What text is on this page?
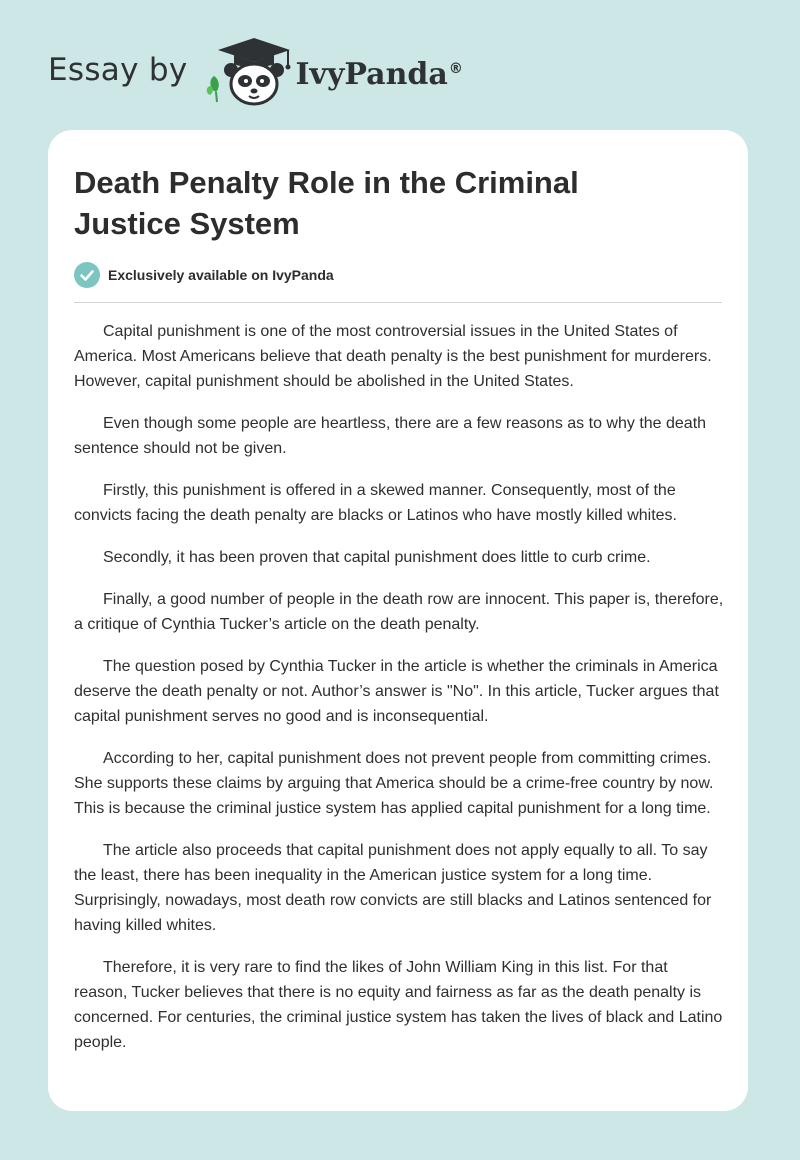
Essay by	IvyPanda®
Death Penalty Role in the Criminal Justice System
Exclusively available on IvyPanda

Capital punishment is one of the most controversial issues in the United States of America. Most Americans believe that death penalty is the best punishment for murderers. However, capital punishment should be abolished in the United States.

Even though some people are heartless, there are a few reasons as to why the death sentence should not be given.

Firstly, this punishment is offered in a skewed manner. Consequently, most of the convicts facing the death penalty are blacks or Latinos who have mostly killed whites.

Secondly, it has been proven that capital punishment does little to curb crime.

Finally, a good number of people in the death row are innocent. This paper is, therefore, a critique of Cynthia Tucker’s article on the death penalty.

The question posed by Cynthia Tucker in the article is whether the criminals in America deserve the death penalty or not. Author’s answer is "No". In this article, Tucker argues that capital punishment serves no good and is inconsequential.

According to her, capital punishment does not prevent people from committing crimes. She supports these claims by arguing that America should be a crime-free country by now. This is because the criminal justice system has applied capital punishment for a long time.

The article also proceeds that capital punishment does not apply equally to all. To say the least, there has been inequality in the American justice system for a long time. Surprisingly, nowadays, most death row convicts are still blacks and Latinos sentenced for having killed whites.

Therefore, it is very rare to find the likes of John William King in this list. For that reason, Tucker believes that there is no equity and fairness as far as the death penalty is concerned. For centuries, the criminal justice system has taken the lives of black and Latino people.
